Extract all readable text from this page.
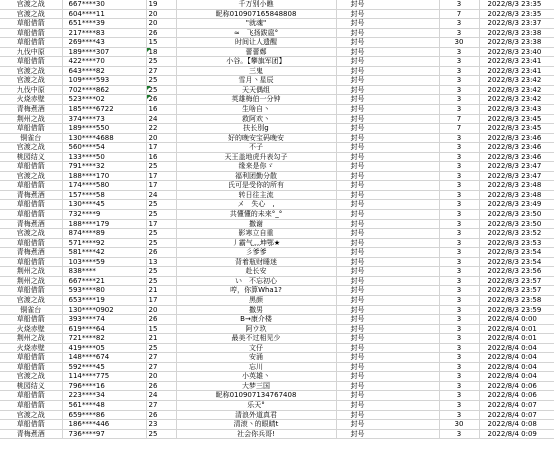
官渡之战	667****30	19	千万别小瞧	封号	3	2022/8/3 23:35
官渡之战	604****11	20	昵称010907165848808	封号	7	2022/8/3 23:35
草船借箭	651****39	20	"就魂"	封号	3	2022/8/3 23:37
草船借箭	217****83	26	≈　飞扬跋扈°	封号	3	2022/8/3 23:38
草船借箭	269****43	15	时间让人遗醒	封号	30	2022/8/3 23:38
九伐中原	189****307	18	蕾蕾鄭	封号	3	2022/8/3 23:40
草船借箭	422****70	25	小谷。【攀旗军团】	封号	3	2022/8/3 23:41
官渡之战	643****82	27	三鬼	封号	3	2022/8/3 23:41
官渡之战	109****593	25	雪月丶星辰	封号	3	2022/8/3 23:42
九伐中原	702****862	25	天天偶组	封号	3	2022/8/3 23:42
火烧赤壁	523****02	26	英雄梅伯一分钟	封号	3	2022/8/3 23:42
青梅煮酒	185****6722	16	生啥自丶	封号	3	2022/8/3 23:43
荆州之战	374****73	24	救阿欢丶	封号	7	2022/8/3 23:45
草船借箭	189****550	22	扶长別g	封号	7	2022/8/3 23:45
铜雀台	130****4688	20	好的晚安宝码晚安	封号	3	2022/8/3 23:46
官渡之战	560****54	17	不子	封号	3	2022/8/3 23:46
桃园结义	133****50	16	天王盖地虎升表勾子	封号	3	2022/8/3 23:46
草船借箭	791****32	25	缘来是你ゞ	封号	3	2022/8/3 23:47
官渡之战	188****170	17	福利团勤分散	封号	3	2022/8/3 23:47
草船借箭	174****580	17	氏可是受你的所有	封号	3	2022/8/3 23:48
青梅煮酒	157****58	24	转日往主流	封号	3	2022/8/3 23:48
草船借箭	130****45	25	メ　失心　,	封号	3	2022/8/3 23:49
草船借箭	732****9	25	共懂懂的未来°_°	封号	3	2022/8/3 23:50
青梅煮酒	188****179	17	撒谢	封号	3	2022/8/3 23:50
官渡之战	874****89	25	影寒立自重	封号	3	2022/8/3 23:52
草船借箭	571****92	25	丿霸气灬坤鄂★	封号	3	2022/8/3 23:53
青梅煮酒	581****42	26	彡爹爹	封号	3	2022/8/3 23:54
草船借箭	103****59	13	背着瓶财睡迷	封号	3	2022/8/3 23:54
荆州之战	838****	25	赴长安	封号	3	2022/8/3 23:56
荆州之战	667****21	25	い　不忘初心	封号	3	2022/8/3 23:57
草船借箭	593****80	21	哼，你算Wha1?	封号	3	2022/8/3 23:57
官渡之战	653****19	17	黑颜	封号	3	2022/8/3 23:58
铜雀台	130****0902	20	撒男	封号	3	2022/8/3 23:59
草船借箭	393****74	26	B→康介楼	封号	3	2022/8/4 0:00
火烧赤壁	619****64	15	阿ウ玖	封号	3	2022/8/4 0:01
荆州之战	721****82	21	最美不过相见少	封号	3	2022/8/4 0:01
火烧赤壁	419****05	25	文仔	封号	3	2022/8/4 0:04
草船借箭	148****674	27	安涌	封号	3	2022/8/4 0:04
草船借箭	592****45	27	忘川	封号	3	2022/8/4 0:04
官渡之战	114****775	20	小英雄丶	封号	3	2022/8/4 0:04
桃园结义	796****16	26	大梦三国	封号	3	2022/8/4 0:06
草船借箭	223****34	24	昵称010907134767408	封号	3	2022/8/4 0:06
草船借箭	561****48	27	乐天°	封号	3	2022/8/4 0:07
官渡之战	659****86	26	清浪外道真君	封号	3	2022/8/4 0:07
草船借箭	186****446	23	清滚丶的眼睛t	封号	30	2022/8/4 0:08
青梅煮酒	736****97	25	社会你兵哥!	封号	3	2022/8/4 0:09
